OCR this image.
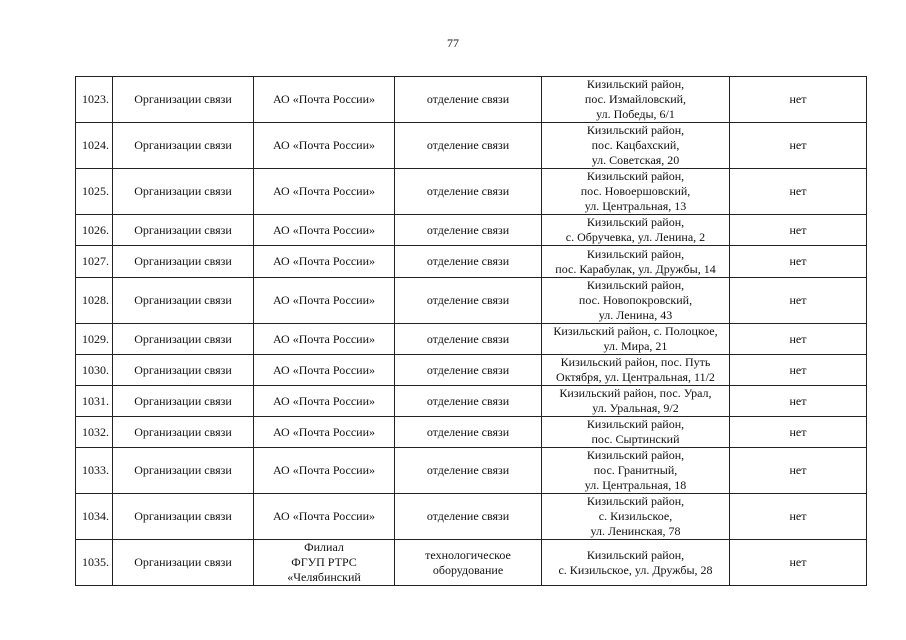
77
1023.	Организации связи	АО «Почта России»	отделение связи	Кизильский район,
пос. Измайловский,
ул. Победы, 6/1	нет
1024.	Организации связи	АО «Почта России»	отделение связи	Кизильский район,
пос. Кацбахский,
ул. Советская, 20	нет
1025.	Организации связи	АО «Почта России»	отделение связи	Кизильский район,
пос. Новоершовский,
ул. Центральная, 13	нет
1026.	Организации связи	АО «Почта России»	отделение связи	Кизильский район,
с. Обручевка, ул. Ленина, 2	нет
1027.	Организации связи	АО «Почта России»	отделение связи	Кизильский район,
пос. Карабулак, ул. Дружбы, 14	нет
1028.	Организации связи	АО «Почта России»	отделение связи	Кизильский район,
пос. Новопокровский,
ул. Ленина, 43	нет
1029.	Организации связи	АО «Почта России»	отделение связи	Кизильский район, с. Полоцкое,
ул. Мира, 21	нет
1030.	Организации связи	АО «Почта России»	отделение связи	Кизильский район, пос. Путь
Октября, ул. Центральная, 11/2	нет
1031.	Организации связи	АО «Почта России»	отделение связи	Кизильский район, пос. Урал,
ул. Уральная, 9/2	нет
1032.	Организации связи	АО «Почта России»	отделение связи	Кизильский район,
пос. Сыртинский	нет
1033.	Организации связи	АО «Почта России»	отделение связи	Кизильский район,
пос. Гранитный,
ул. Центральная, 18	нет
1034.	Организации связи	АО «Почта России»	отделение связи	Кизильский район,
с. Кизильское,
ул. Ленинская, 78	нет
1035.	Организации связи	Филиал
ФГУП РТРС
«Челябинский	технологическое
оборудование	Кизильский район,
с. Кизильское, ул. Дружбы, 28	нет
